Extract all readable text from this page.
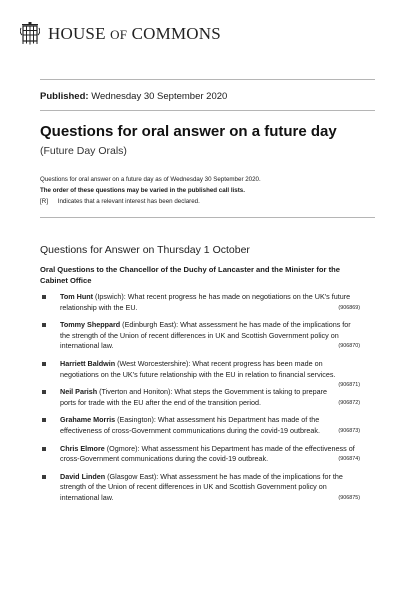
HOUSE OF COMMONS
Published: Wednesday 30 September 2020
Questions for oral answer on a future day
(Future Day Orals)
Questions for oral answer on a future day as of Wednesday 30 September 2020.
The order of these questions may be varied in the published call lists.
[R] Indicates that a relevant interest has been declared.
Questions for Answer on Thursday 1 October
Oral Questions to the Chancellor of the Duchy of Lancaster and the Minister for the Cabinet Office
Tom Hunt (Ipswich): What recent progress he has made on negotiations on the UK's future relationship with the EU.	(906869)
Tommy Sheppard (Edinburgh East): What assessment he has made of the implications for the strength of the Union of recent differences in UK and Scottish Government policy on international law.	(906870)
Harriett Baldwin (West Worcestershire): What recent progress has been made on negotiations on the UK's future relationship with the EU in relation to financial services.
(906871)
Neil Parish (Tiverton and Honiton): What steps the Government is taking to prepare ports for trade with the EU after the end of the transition period.	(906872)
Grahame Morris (Easington): What assessment his Department has made of the effectiveness of cross-Government communications during the covid-19 outbreak.	(906873)
Chris Elmore (Ogmore): What assessment his Department has made of the effectiveness of cross-Government communications during the covid-19 outbreak.	(906874)
David Linden (Glasgow East): What assessment he has made of the implications for the strength of the Union of recent differences in UK and Scottish Government policy on international law.	(906875)
